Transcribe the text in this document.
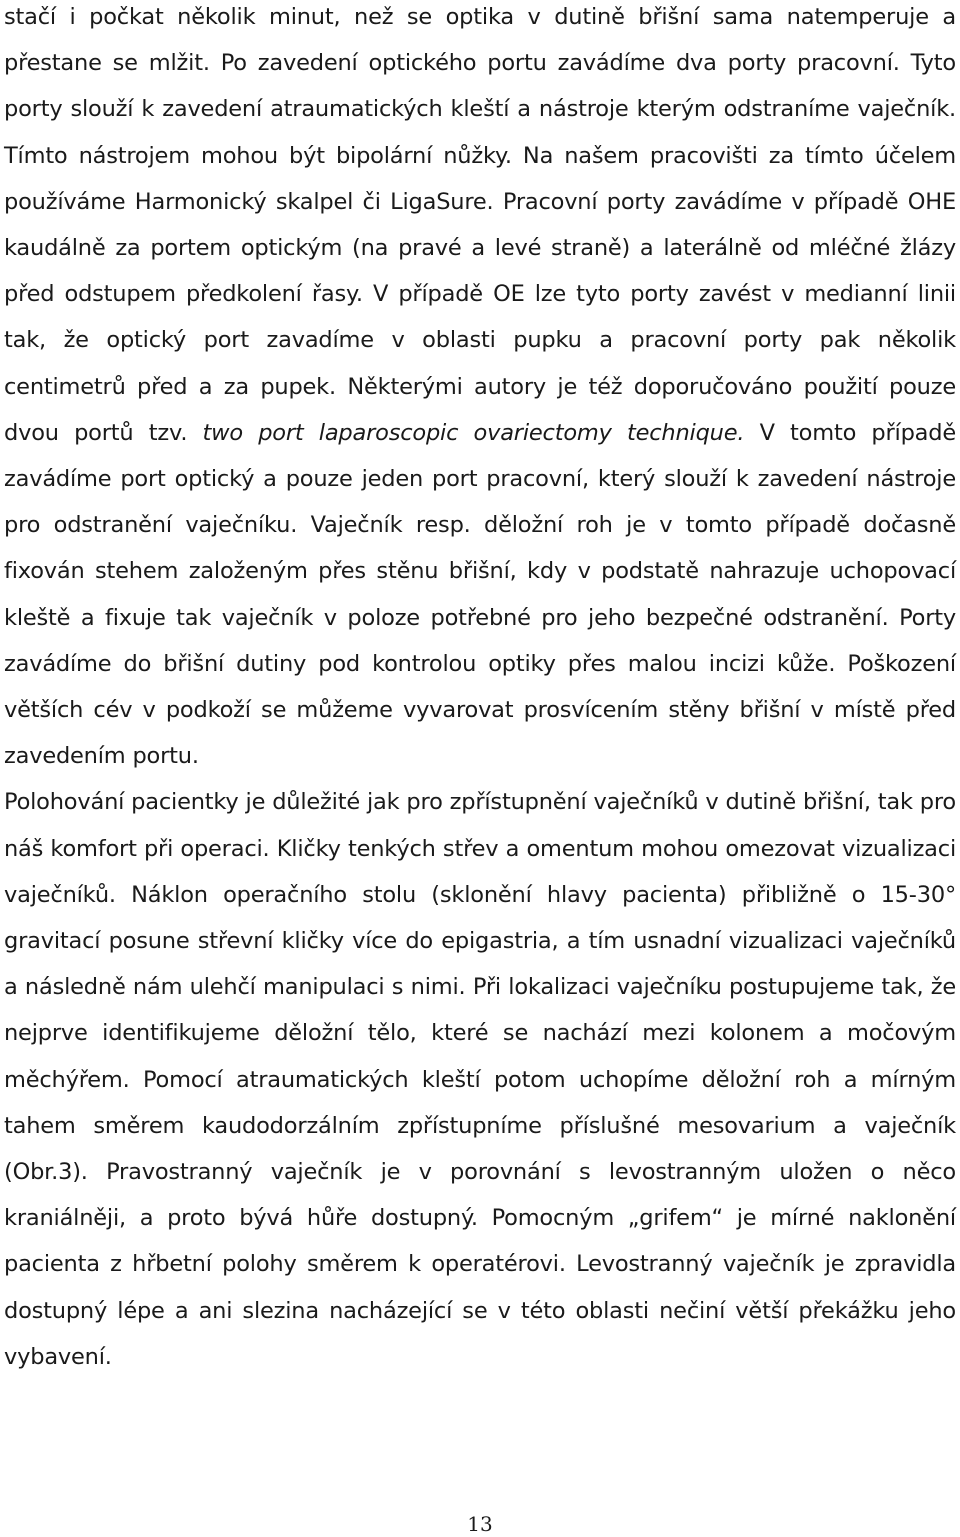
stačí i počkat několik minut, než se optika v dutině břišní sama natemperuje a přestane se mlžit. Po zavedení optického portu zavádíme dva porty pracovní. Tyto porty slouží k zavedení atraumatických kleští a nástroje kterým odstraníme vaječník. Tímto nástrojem mohou být bipolární nůžky. Na našem pracovišti za tímto účelem používáme Harmonický skalpel či LigaSure. Pracovní porty zavádíme v případě OHE kaudálně za portem optickým (na pravé a levé straně) a laterálně od mléčné žlázy před odstupem předkolení řasy. V případě OE lze tyto porty zavést v medianní linii tak, že optický port zavadíme v oblasti pupku a pracovní porty pak několik centimetrů před a za pupek. Některými autory je též doporučováno použití pouze dvou portů tzv. two port laparoscopic ovariectomy technique. V tomto případě zavádíme port optický a pouze jeden port pracovní, který slouží k zavedení nástroje pro odstranění vaječníku. Vaječník resp. děložní roh je v tomto případě dočasně fixován stehem založeným přes stěnu břišní, kdy v podstatě nahrazuje uchopovací kleště a fixuje tak vaječník v poloze potřebné pro jeho bezpečné odstranění. Porty zavádíme do břišní dutiny pod kontrolou optiky přes malou incizi kůže. Poškození větších cév v podkoží se můžeme vyvarovat prosvícením stěny břišní v místě před zavedením portu.

Polohování pacientky je důležité jak pro zpřístupnění vaječníků v dutině břišní, tak pro náš komfort při operaci. Kličky tenkých střev a omentum mohou omezovat vizualizaci vaječníků. Náklon operačního stolu (sklonění hlavy pacienta) přibližně o 15-30° gravitací posune střevní kličky více do epigastria, a tím usnadní vizualizaci vaječníků a následně nám ulehčí manipulaci s nimi. Při lokalizaci vaječníku postupujeme tak, že nejprve identifikujeme děložní tělo, které se nachází mezi kolonem a močovým měchýřem. Pomocí atraumatických kleští potom uchopíme děložní roh a mírným tahem směrem kaudodorzálním zpřístupníme příslušné mesovarium a vaječník (Obr.3). Pravostranný vaječník je v porovnání s levostranným uložen o něco kraniálněji, a proto bývá hůře dostupný. Pomocným „grifem“ je mírné naklonění pacienta z hřbetní polohy směrem k operatérovi. Levostranný vaječník je zpravidla dostupný lépe a ani slezina nacházející se v této oblasti nečiní větší překážku jeho vybavení.

13
